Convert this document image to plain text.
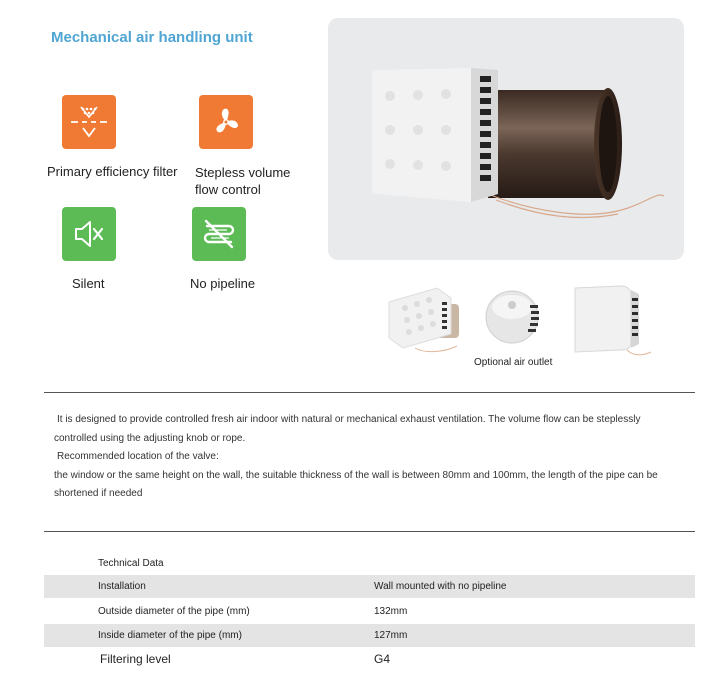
Mechanical air handling unit
Primary efficiency filter Stepless volume
flow control
Silent	No pipeline
Optional air outlet

It is designed to provide controlled fresh air indoor with natural or mechanical exhaust ventilation. The volume flow can be steplessly

controlled using the adjusting knob or rope.

Recommended location of the valve:

the window or the same height on the wall, the suitable thickness of the wall is between 80mm and 100mm, the length of the pipe can be

shortened if needed

Technical Data
Installation	Wall mounted with no pipeline
Outside diameter of the pipe (mm)	132mm
Inside diameter of the pipe (mm)	127mm
Filtering level	G4
